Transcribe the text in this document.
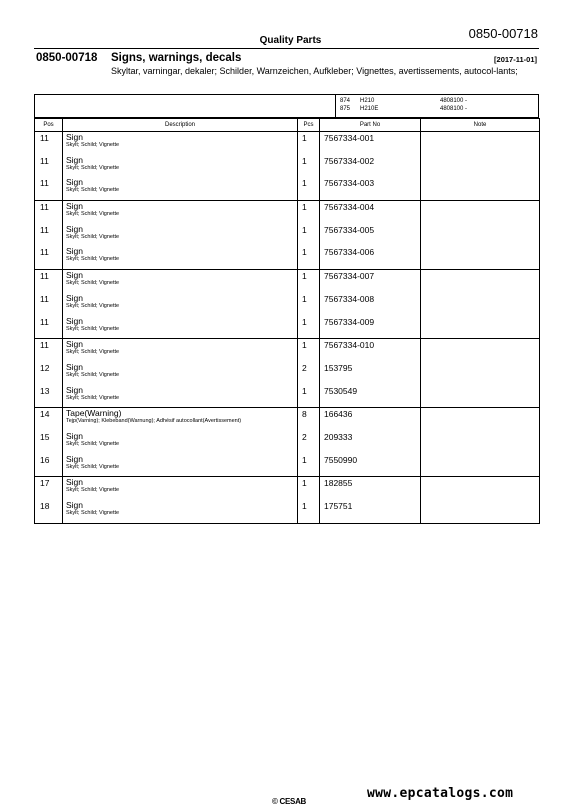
Quality Parts	0850-00718
0850-00718 Signs, warnings, decals	[2017-11-01]
Skyltar, varningar, dekaler; Schilder, Warnzeichen, Aufkleber; Vignettes, avertissements, autocol-lants;
874 H210	4808100 -
875 H210E	4808100 -
Pos	Description	Pcs	Part No	Note
11	Sign
Skylt; Schild; Vignette	1	7567334-001	
11	Sign
Skylt; Schild; Vignette	1	7567334-002	
11	Sign
Skylt; Schild; Vignette	1	7567334-003	
11	Sign
Skylt; Schild; Vignette	1	7567334-004	
11	Sign
Skylt; Schild; Vignette	1	7567334-005	
11	Sign
Skylt; Schild; Vignette	1	7567334-006	
11	Sign
Skylt; Schild; Vignette	1	7567334-007	
11	Sign
Skylt; Schild; Vignette	1	7567334-008	
11	Sign
Skylt; Schild; Vignette	1	7567334-009	
11	Sign
Skylt; Schild; Vignette	1	7567334-010	
12	Sign
Skylt; Schild; Vignette	2	153795	
13	Sign
Skylt; Schild; Vignette	1	7530549	
14	Tape(Warning)
Tejp(Varning); Klebeband(Warnung); Adhésif autocollant(Avertissement)	8	166436	
15	Sign
Skylt; Schild; Vignette	2	209333	
16	Sign
Skylt; Schild; Vignette	1	7550990	
17	Sign
Skylt; Schild; Vignette	1	182855	
18	Sign
Skylt; Schild; Vignette	1	175751	
www.epcatalogs.com
© CESAB
